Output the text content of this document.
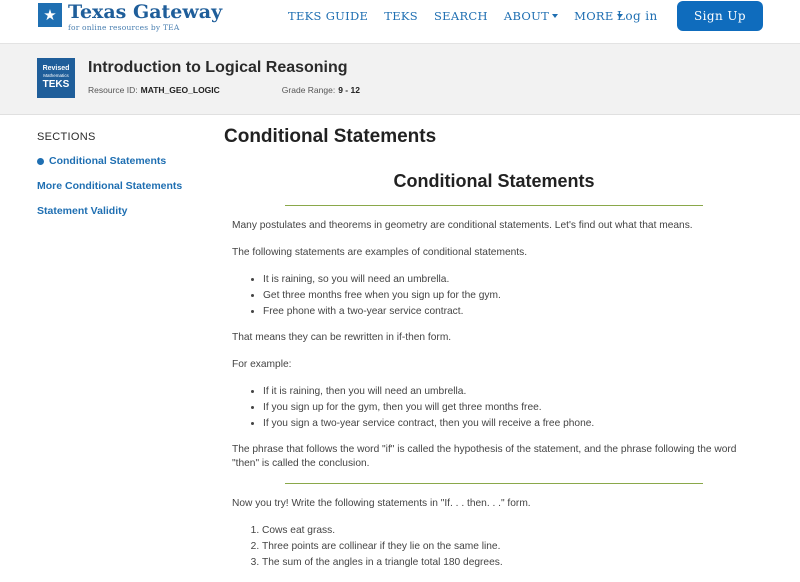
★ Texas Gateway
for online resources by TEA
TEKS GUIDE TEKS SEARCH ABOUT MORE Log in	Sign Up
Revised
Mathematics
TEKS
Introduction to Logical Reasoning
Resource ID: MATH_GEO_LOGIC	Grade Range: 9 - 12
SECTIONS
Conditional Statements
More Conditional Statements
Statement Validity
Conditional Statements
Conditional Statements

Many postulates and theorems in geometry are conditional statements. Let's find out what that means.

The following statements are examples of conditional statements.

• It is raining, so you will need an umbrella.
• Get three months free when you sign up for the gym.
• Free phone with a two-year service contract.

That means they can be rewritten in if-then form.

For example:

• If it is raining, then you will need an umbrella.
• If you sign up for the gym, then you will get three months free.
• If you sign a two-year service contract, then you will receive a free phone.

The phrase that follows the word "if" is called the hypothesis of the statement, and the phrase following the word "then" is called the conclusion.

Now you try! Write the following statements in "If. . . then. . ." form.

1. Cows eat grass.
2. Three points are collinear if they lie on the same line.
3. The sum of the angles in a triangle total 180 degrees.
